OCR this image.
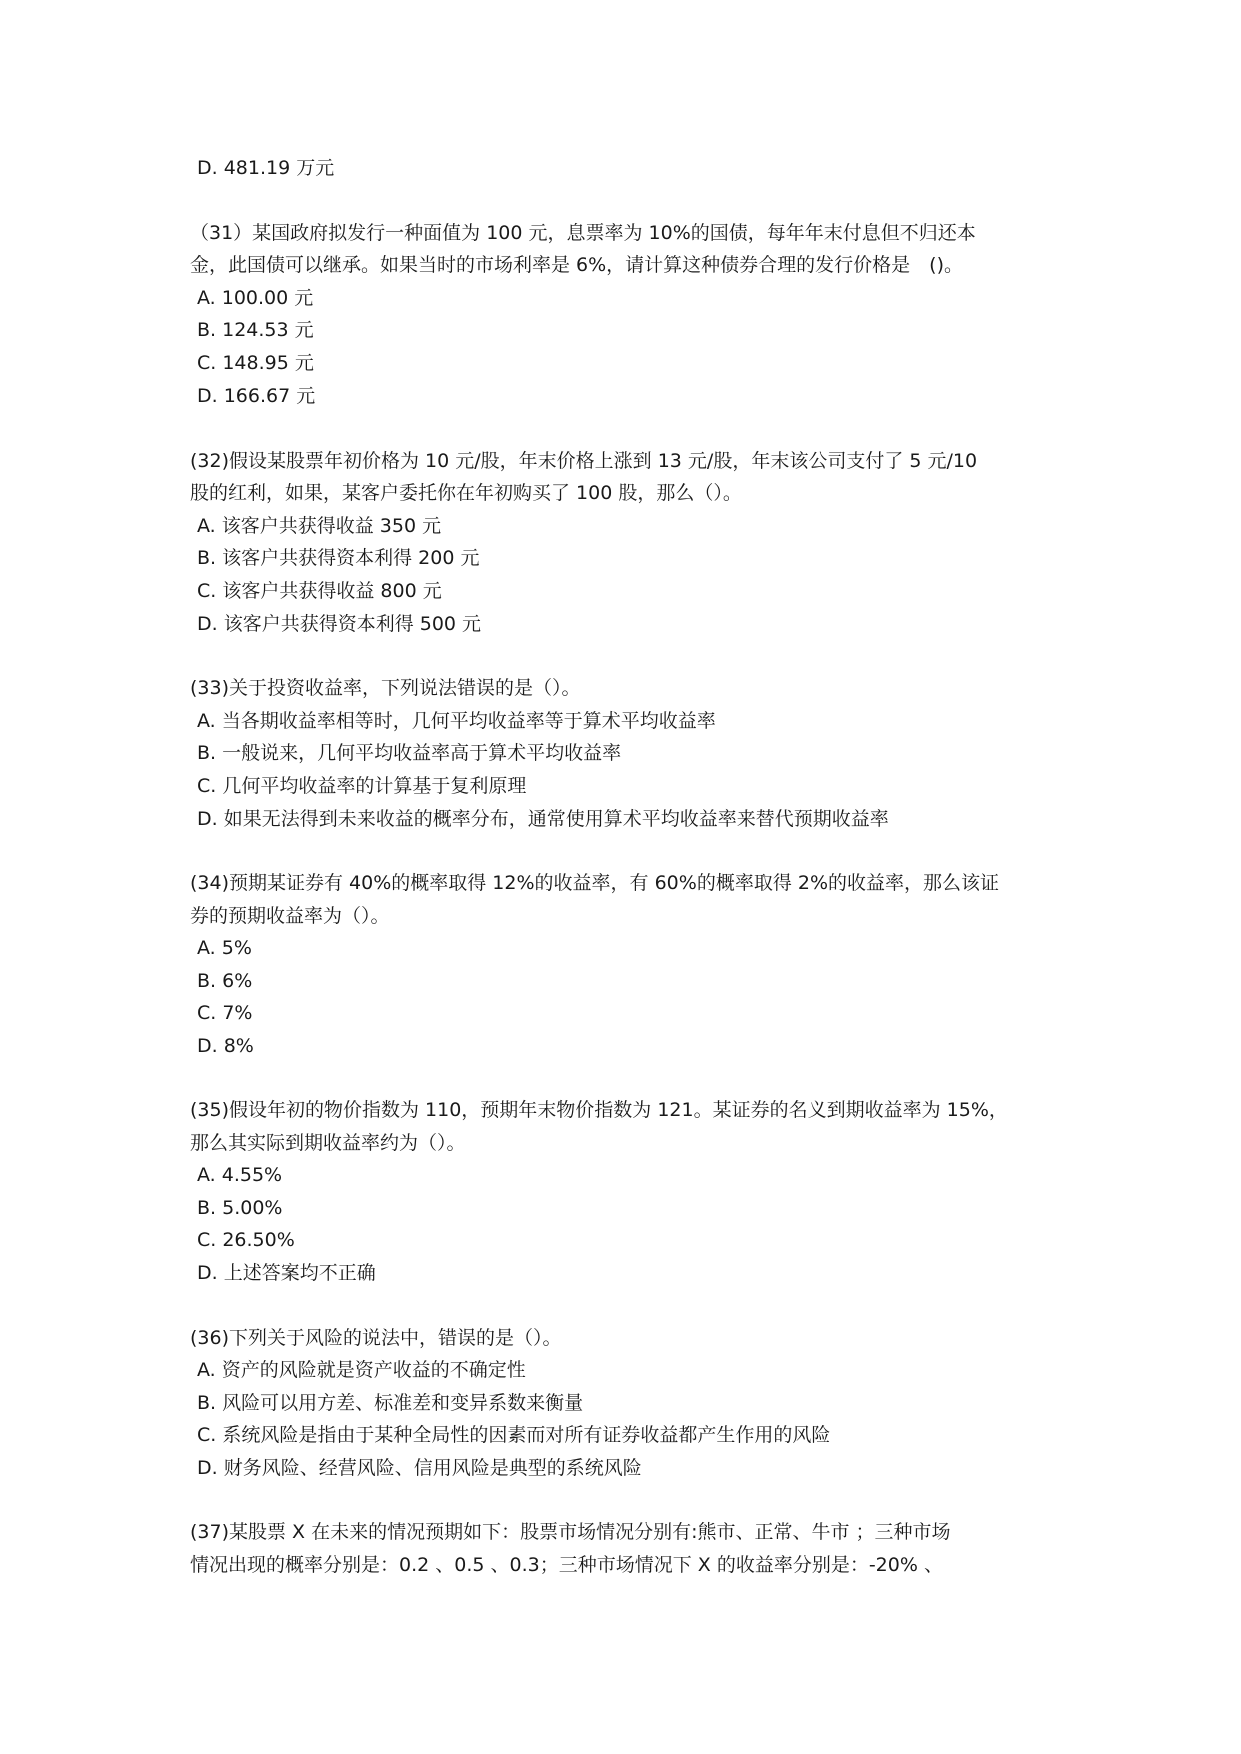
D. 481.19 万元
（31）某国政府拟发行一种面值为 100 元，息票率为 10%的国债，每年年末付息但不归还本
金，此国债可以继承。如果当时的市场利率是 6%，请计算这种债券合理的发行价格是　()。
A. 100.00 元
B. 124.53 元
C. 148.95 元
D. 166.67 元
(32)假设某股票年初价格为 10 元/股，年末价格上涨到 13 元/股，年末该公司支付了 5 元/10
股的红利，如果，某客户委托你在年初购买了 100 股，那么（）。
A. 该客户共获得收益 350 元
B. 该客户共获得资本利得 200 元
C. 该客户共获得收益 800 元
D. 该客户共获得资本利得 500 元
(33)关于投资收益率，下列说法错误的是（）。
A. 当各期收益率相等时，几何平均收益率等于算术平均收益率
B. 一般说来，几何平均收益率高于算术平均收益率
C. 几何平均收益率的计算基于复利原理
D. 如果无法得到未来收益的概率分布，通常使用算术平均收益率来替代预期收益率
(34)预期某证券有 40%的概率取得 12%的收益率，有 60%的概率取得 2%的收益率，那么该证
券的预期收益率为（）。
A. 5%
B. 6%
C. 7%
D. 8%
(35)假设年初的物价指数为 110，预期年末物价指数为 121。某证券的名义到期收益率为 15%，
那么其实际到期收益率约为（）。
A. 4.55%
B. 5.00%
C. 26.50%
D. 上述答案均不正确
(36)下列关于风险的说法中，错误的是（）。
A. 资产的风险就是资产收益的不确定性
B. 风险可以用方差、标准差和变异系数来衡量
C. 系统风险是指由于某种全局性的因素而对所有证券收益都产生作用的风险
D. 财务风险、经营风险、信用风险是典型的系统风险
(37)某股票 X 在未来的情况预期如下：股票市场情况分别有:熊市、正常、牛市 ；三种市场
情况出现的概率分别是：0.2 、0.5 、0.3；三种市场情况下 X 的收益率分别是：-20% 、
